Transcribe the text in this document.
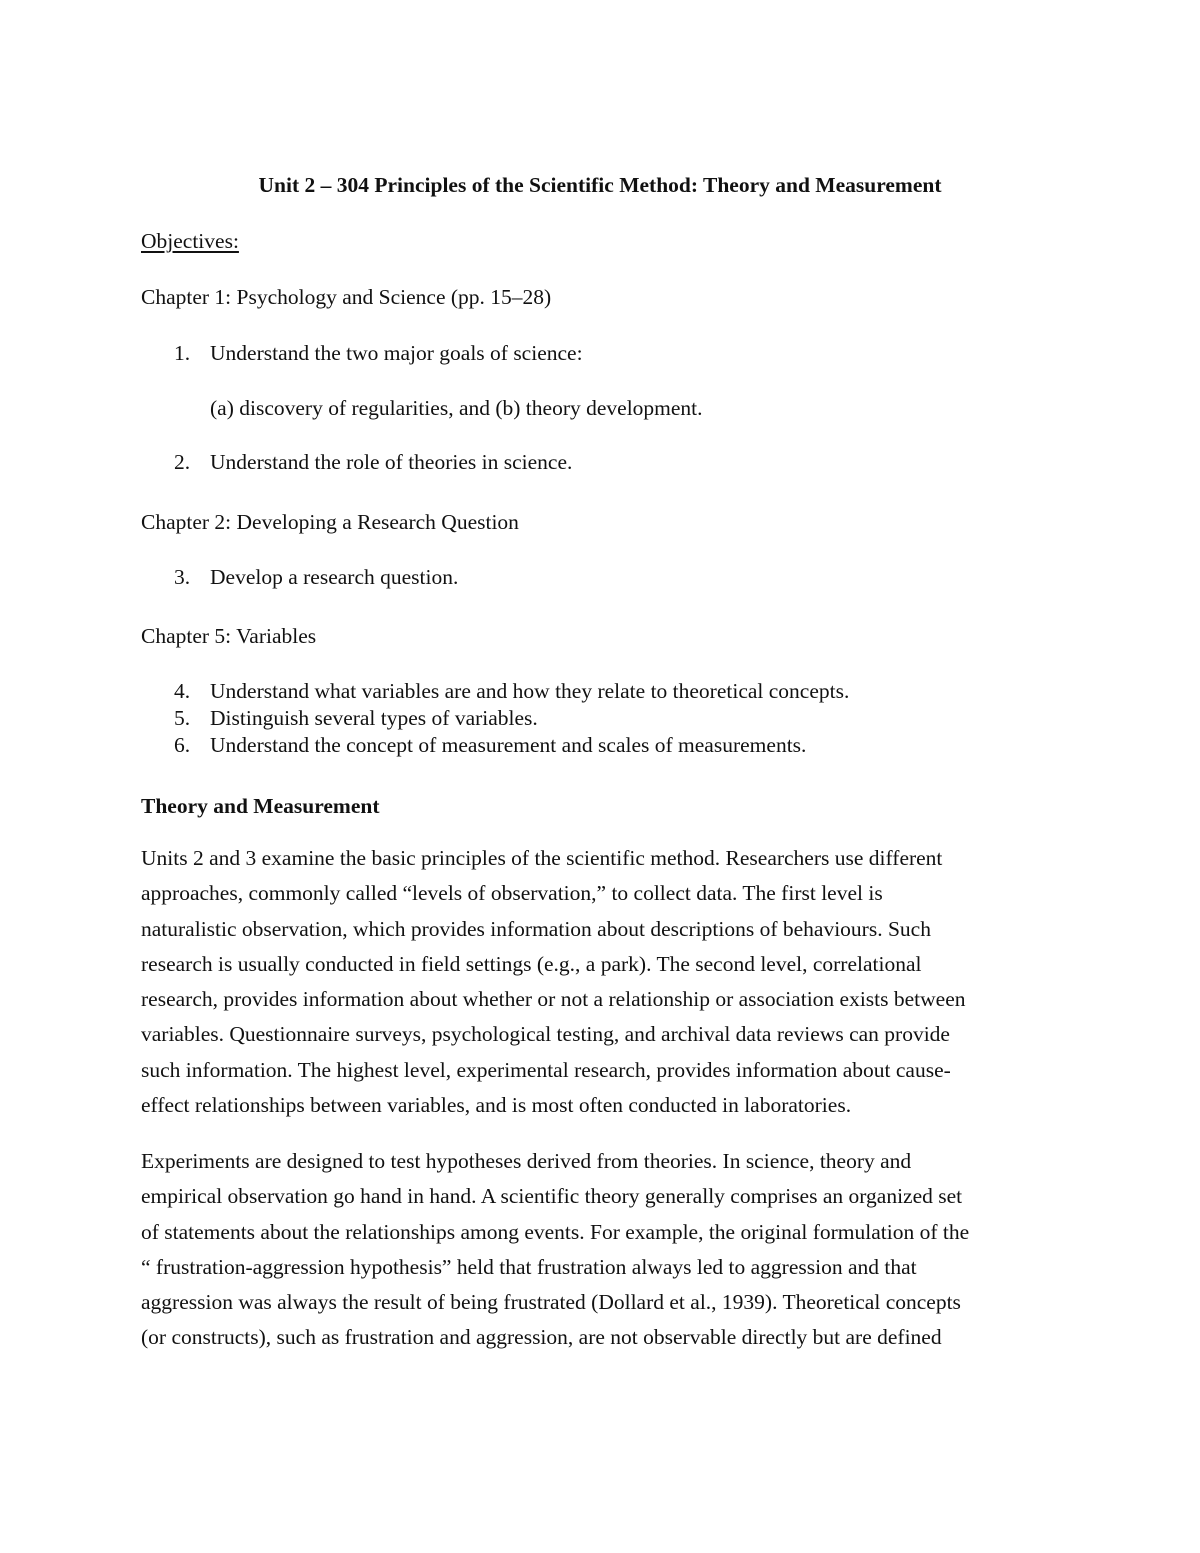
Unit 2 – 304 Principles of the Scientific Method: Theory and Measurement
Objectives:
Chapter 1: Psychology and Science (pp. 15–28)
1. Understand the two major goals of science:
(a) discovery of regularities, and (b) theory development.
2. Understand the role of theories in science.
Chapter 2: Developing a Research Question
3. Develop a research question.
Chapter 5: Variables
4. Understand what variables are and how they relate to theoretical concepts.
5. Distinguish several types of variables.
6. Understand the concept of measurement and scales of measurements.
Theory and Measurement
Units 2 and 3 examine the basic principles of the scientific method. Researchers use different
approaches, commonly called “levels of observation,” to collect data. The first level is
naturalistic observation, which provides information about descriptions of behaviours. Such
research is usually conducted in field settings (e.g., a park). The second level, correlational
research, provides information about whether or not a relationship or association exists between
variables. Questionnaire surveys, psychological testing, and archival data reviews can provide
such information. The highest level, experimental research, provides information about cause-
effect relationships between variables, and is most often conducted in laboratories.
Experiments are designed to test hypotheses derived from theories. In science, theory and
empirical observation go hand in hand. A scientific theory generally comprises an organized set
of statements about the relationships among events. For example, the original formulation of the
“ frustration-aggression hypothesis” held that frustration always led to aggression and that
aggression was always the result of being frustrated (Dollard et al., 1939). Theoretical concepts
(or constructs), such as frustration and aggression, are not observable directly but are defined
